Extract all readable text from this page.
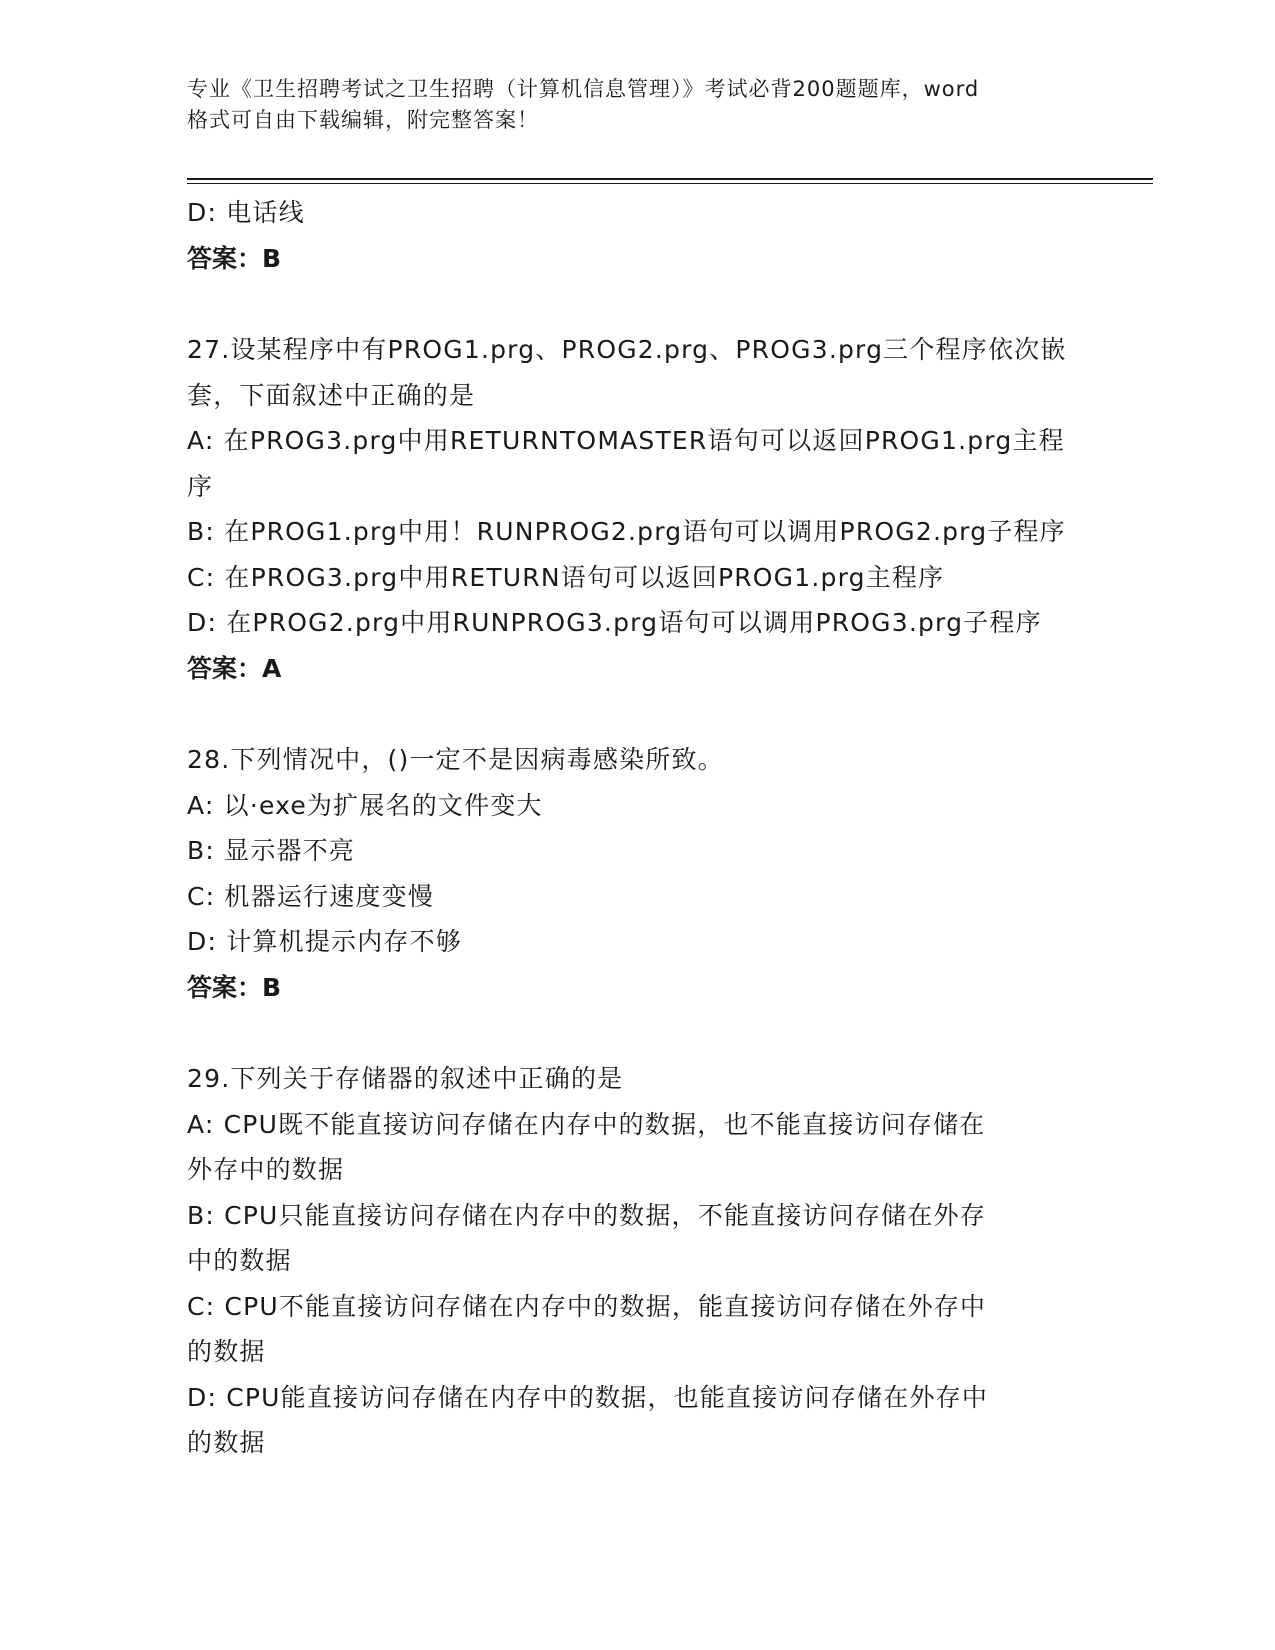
专业《卫生招聘考试之卫生招聘（计算机信息管理）》考试必背200题题库，word
格式可自由下载编辑，附完整答案！
D: 电话线
答案：B
27.设某程序中有PROG1.prg、PROG2.prg、PROG3.prg三个程序依次嵌
套，下面叙述中正确的是
A: 在PROG3.prg中用RETURNTOMASTER语句可以返回PROG1.prg主程
序
B: 在PROG1.prg中用！RUNPROG2.prg语句可以调用PROG2.prg子程序
C: 在PROG3.prg中用RETURN语句可以返回PROG1.prg主程序
D: 在PROG2.prg中用RUNPROG3.prg语句可以调用PROG3.prg子程序
答案：A
28.下列情况中，()一定不是因病毒感染所致。
A: 以·exe为扩展名的文件变大
B: 显示器不亮
C: 机器运行速度变慢
D: 计算机提示内存不够
答案：B
29.下列关于存储器的叙述中正确的是
A: CPU既不能直接访问存储在内存中的数据，也不能直接访问存储在
外存中的数据
B: CPU只能直接访问存储在内存中的数据，不能直接访问存储在外存
中的数据
C: CPU不能直接访问存储在内存中的数据，能直接访问存储在外存中
的数据
D: CPU能直接访问存储在内存中的数据，也能直接访问存储在外存中
的数据
